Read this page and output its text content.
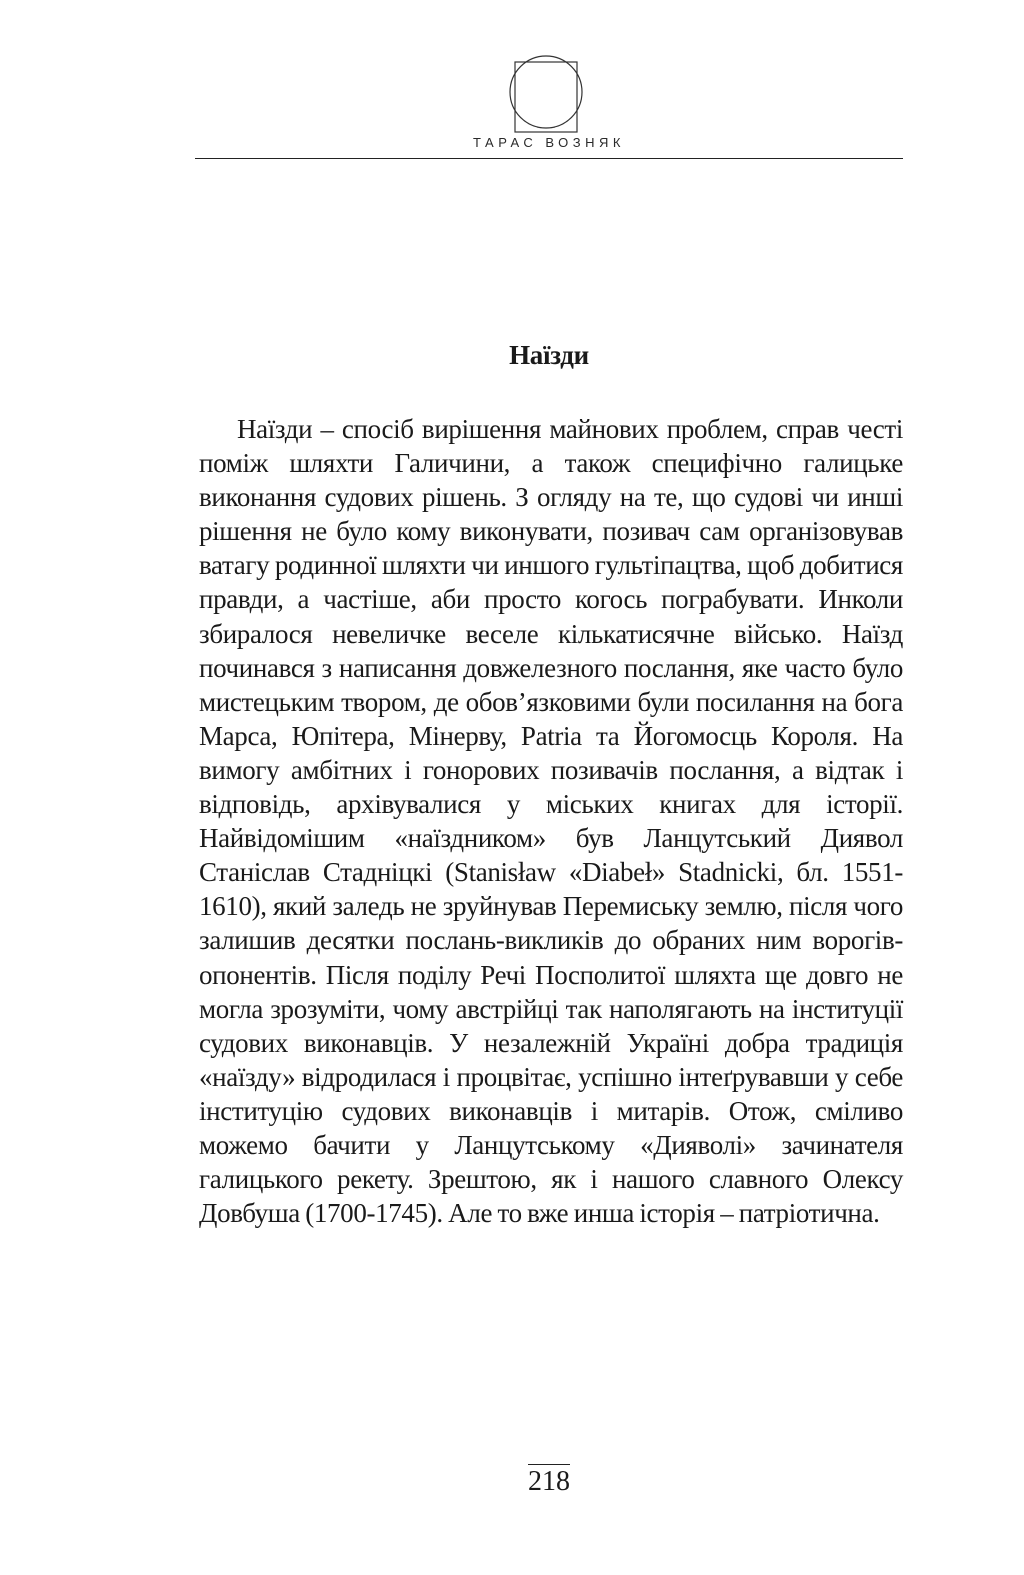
ТАРАС ВОЗНЯК
Наїзди

Наїзди – спосіб вирішення майнових проблем, справ честі поміж шляхти Галичини, а також специфічно галицьке виконання судових рішень. З огляду на те, що судові чи инші рішення не було кому виконувати, позивач сам організовував ватагу родинної шляхти чи иншого гультіпацтва, щоб добитися правди, а частіше, аби просто когось пограбувати. Инколи збиралося невеличке веселе кількатисячне військо. Наїзд починався з написання довжелезного послання, яке часто було мистецьким твором, де обов’язковими були посилання на бога Марса, Юпітера, Мінерву, Patria та Йогомосць Короля. На вимогу амбітних і гонорових позивачів послання, а відтак і відповідь, архівувалися у міських книгах для історії. Найвідомішим «наїздником» був Ланцутський Диявол Станіслав Стадніцкі (Stanisław «Diabeł» Stadnicki, бл. 1551-1610), який заледь не зруйнував Перемиську землю, після чого залишив десятки послань-викликів до обраних ним ворогів-опонентів. Після поділу Речі Посполитої шляхта ще довго не могла зрозуміти, чому австрійці так наполягають на інституції судових виконавців. У незалежній Україні добра традиція «наїзду» відродилася і процвітає, успішно інтеґрувавши у себе інституцію судових виконавців і митарів. Отож, сміливо можемо бачити у Ланцутському «Дияволі» зачинателя галицького рекету. Зрештою, як і нашого славного Олексу Довбуша (1700-1745). Але то вже инша історія – патріотична.

218
